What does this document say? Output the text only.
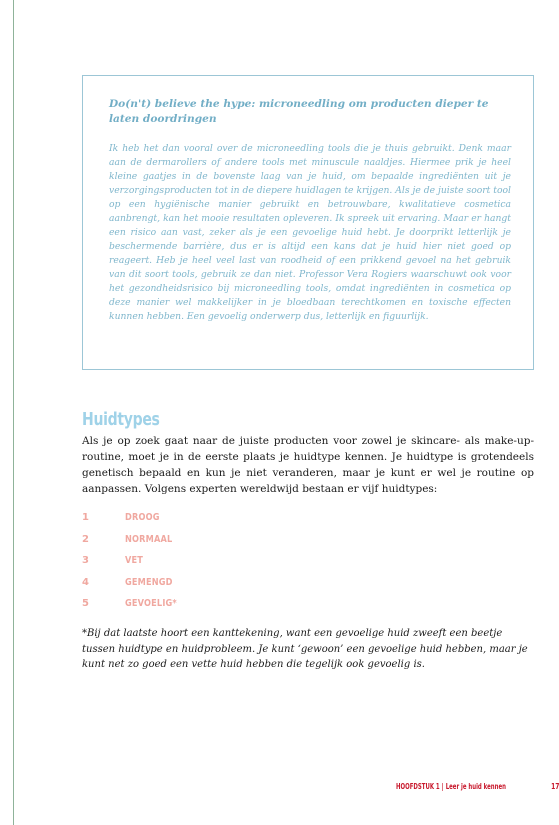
Do(n't) believe the hype: microneedling om producten dieper te laten doordringen

Ik heb het dan vooral over de microneedling tools die je thuis gebruikt. Denk maar aan de dermarollers of andere tools met minuscule naaldjes. Hiermee prik je heel kleine gaatjes in de bovenste laag van je huid, om bepaalde ingrediënten uit je verzorgingsproducten tot in de diepere huidlagen te krijgen. Als je de juiste soort tool op een hygiënische manier gebruikt en betrouwbare, kwalitatieve cosmetica aanbrengt, kan het mooie resultaten opleveren. Ik spreek uit ervaring. Maar er hangt een risico aan vast, zeker als je een gevoelige huid hebt. Je doorprikt letterlijk je beschermende barrière, dus er is altijd een kans dat je huid hier niet goed op reageert. Heb je heel veel last van roodheid of een prikkend gevoel na het gebruik van dit soort tools, gebruik ze dan niet. Professor Vera Rogiers waarschuwt ook voor het gezondheidsrisico bij microneedling tools, omdat ingrediënten in cosmetica op deze manier wel makkelijker in je bloedbaan terechtkomen en toxische effecten kunnen hebben. Een gevoelig onderwerp dus, letterlijk en figuurlijk.

Huidtypes

Als je op zoek gaat naar de juiste producten voor zowel je skincare- als make-up-routine, moet je in de eerste plaats je huidtype kennen. Je huidtype is grotendeels genetisch bepaald en kun je niet veranderen, maar je kunt er wel je routine op aanpassen. Volgens experten wereldwijd bestaan er vijf huidtypes:

1	DROOG
2	NORMAAL
3	VET
4	GEMENGD
5	GEVOELIG*

*Bij dat laatste hoort een kanttekening, want een gevoelige huid zweeft een beetje tussen huidtype en huidprobleem. Je kunt ‘gewoon’ een gevoelige huid hebben, maar je kunt net zo goed een vette huid hebben die tegelijk ook gevoelig is.

HOOFDSTUK 1 | Leer je huid kennen	17
